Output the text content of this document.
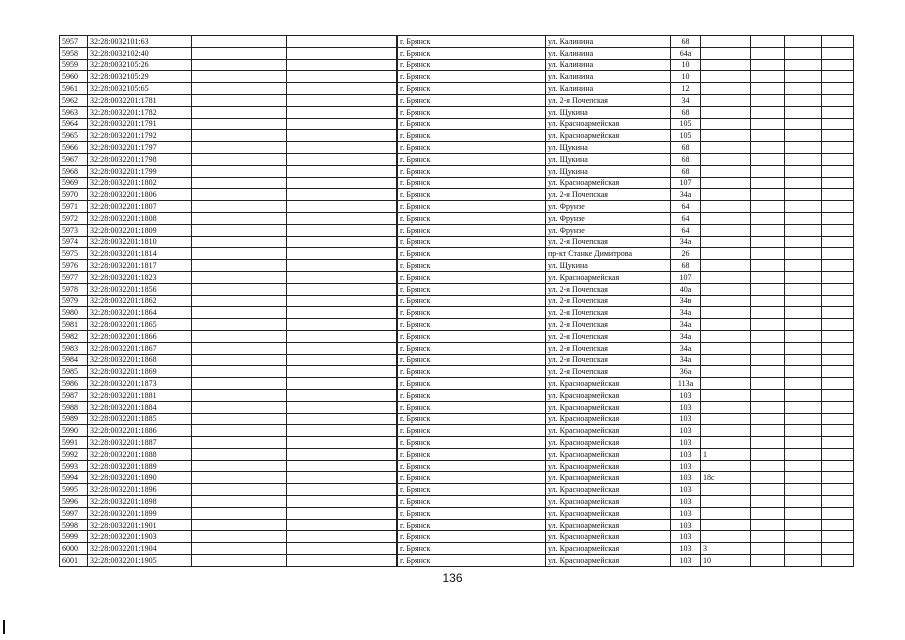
5957	32:28:0032101:63				г. Брянск	ул. Калинина	68				
5958	32:28:0032102:40				г. Брянск	ул. Калинина	64а				
5959	32:28:0032105:26				г. Брянск	ул. Калинина	10				
5960	32:28:0032105:29				г. Брянск	ул. Калинина	10				
5961	32:28:0032105:65				г. Брянск	ул. Калинина	12				
5962	32:28:0032201:1781				г. Брянск	ул. 2-я Почепская	34				
5963	32:28:0032201:1782				г. Брянск	ул. Щукина	68				
5964	32:28:0032201:1791				г. Брянск	ул. Красноармейская	105				
5965	32:28:0032201:1792				г. Брянск	ул. Красноармейская	105				
5966	32:28:0032201:1797				г. Брянск	ул. Щукина	68				
5967	32:28:0032201:1798				г. Брянск	ул. Щукина	68				
5968	32:28:0032201:1799				г. Брянск	ул. Щукина	68				
5969	32:28:0032201:1802				г. Брянск	ул. Красноармейская	107				
5970	32:28:0032201:1806				г. Брянск	ул. 2-я Почепская	34а				
5971	32:28:0032201:1807				г. Брянск	ул. Фрунзе	64				
5972	32:28:0032201:1808				г. Брянск	ул. Фрунзе	64				
5973	32:28:0032201:1809				г. Брянск	ул. Фрунзе	64				
5974	32:28:0032201:1810				г. Брянск	ул. 2-я Почепская	34а				
5975	32:28:0032201:1814				г. Брянск	пр-кт Станке Димитрова	26				
5976	32:28:0032201:1817				г. Брянск	ул. Щукина	68				
5977	32:28:0032201:1823				г. Брянск	ул. Красноармейская	107				
5978	32:28:0032201:1856				г. Брянск	ул. 2-я Почепская	40а				
5979	32:28:0032201:1862				г. Брянск	ул. 2-я Почепская	34в				
5980	32:28:0032201:1864				г. Брянск	ул. 2-я Почепская	34а				
5981	32:28:0032201:1865				г. Брянск	ул. 2-я Почепская	34а				
5982	32:28:0032201:1866				г. Брянск	ул. 2-я Почепская	34а				
5983	32:28:0032201:1867				г. Брянск	ул. 2-я Почепская	34а				
5984	32:28:0032201:1868				г. Брянск	ул. 2-я Почепская	34а				
5985	32:28:0032201:1869				г. Брянск	ул. 2-я Почепская	36а				
5986	32:28:0032201:1873				г. Брянск	ул. Красноармейская	113а				
5987	32:28:0032201:1881				г. Брянск	ул. Красноармейская	103				
5988	32:28:0032201:1884				г. Брянск	ул. Красноармейская	103				
5989	32:28:0032201:1885				г. Брянск	ул. Красноармейская	103				
5990	32:28:0032201:1886				г. Брянск	ул. Красноармейская	103				
5991	32:28:0032201:1887				г. Брянск	ул. Красноармейская	103				
5992	32:28:0032201:1888				г. Брянск	ул. Красноармейская	103	1			
5993	32:28:0032201:1889				г. Брянск	ул. Красноармейская	103				
5994	32:28:0032201:1890				г. Брянск	ул. Красноармейская	103	18с			
5995	32:28:0032201:1896				г. Брянск	ул. Красноармейская	103				
5996	32:28:0032201:1898				г. Брянск	ул. Красноармейская	103				
5997	32:28:0032201:1899				г. Брянск	ул. Красноармейская	103				
5998	32:28:0032201:1901				г. Брянск	ул. Красноармейская	103				
5999	32:28:0032201:1903				г. Брянск	ул. Красноармейская	103				
6000	32:28:0032201:1904				г. Брянск	ул. Красноармейская	103	3			
6001	32:28:0032201:1905				г. Брянск	ул. Красноармейская	103	10			
136
